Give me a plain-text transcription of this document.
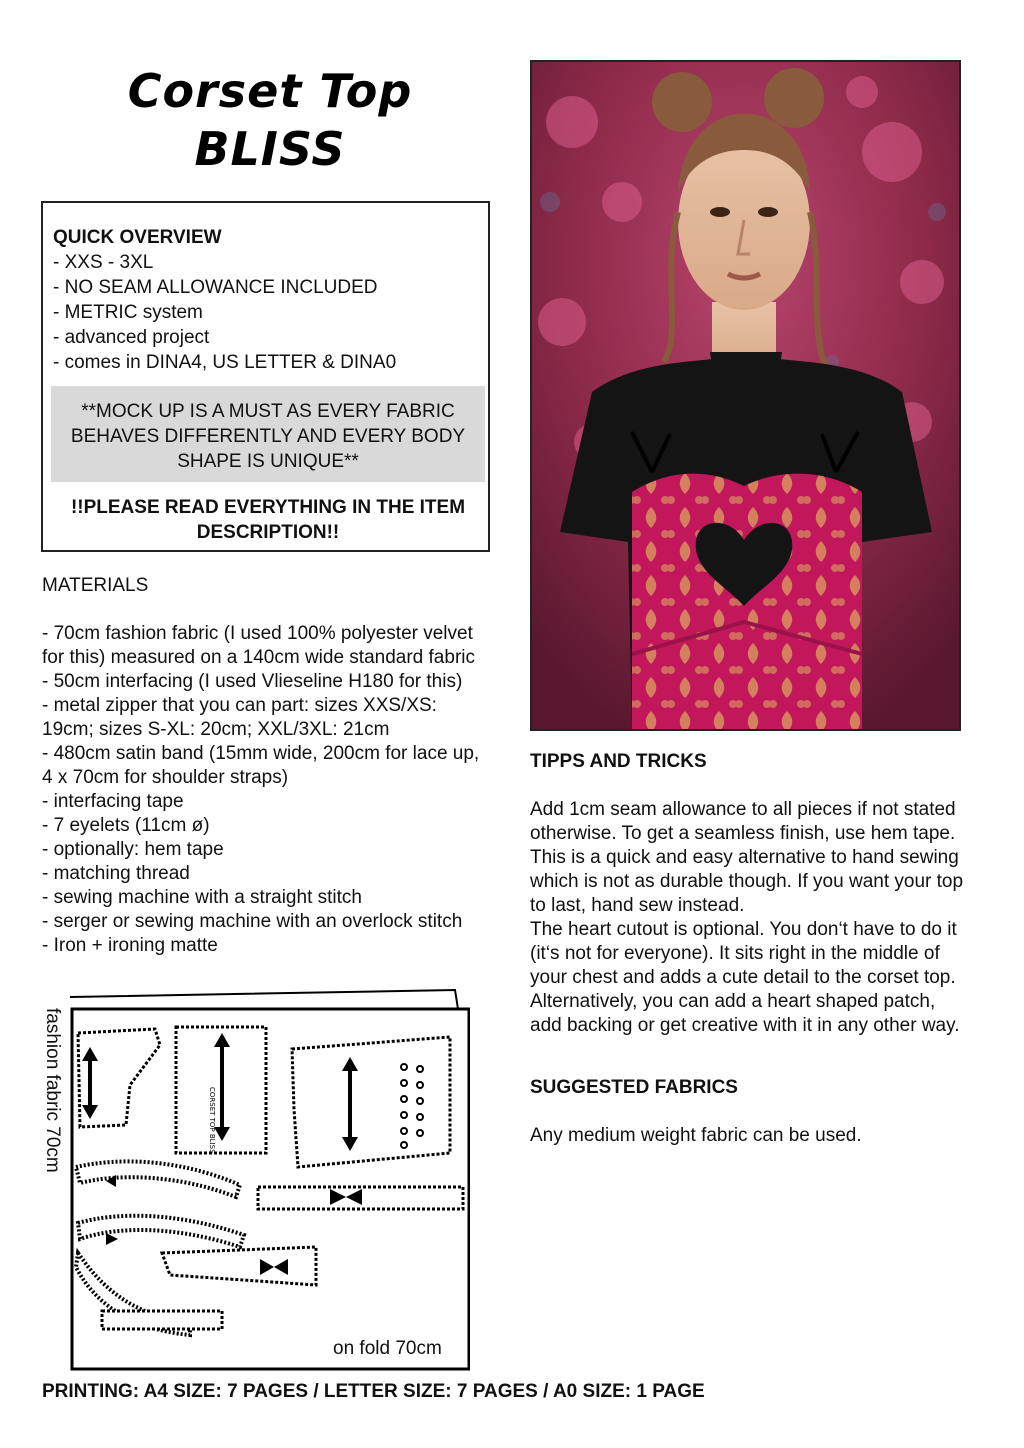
Corset Top
BLISS
QUICK OVERVIEW
- XXS - 3XL
- NO SEAM ALLOWANCE INCLUDED
- METRIC system
- advanced project
- comes in DINA4, US LETTER & DINA0
**MOCK UP IS A MUST AS EVERY FABRIC BEHAVES DIFFERENTLY AND EVERY BODY SHAPE IS UNIQUE**
!!PLEASE READ EVERYTHING IN THE ITEM DESCRIPTION!!
MATERIALS
- 70cm fashion fabric (I used 100% polyester velvet for this) measured on a 140cm wide standard fabric
- 50cm interfacing (I used Vlieseline H180 for this)
- metal zipper that you can part: sizes XXS/XS: 19cm; sizes S-XL: 20cm; XXL/3XL: 21cm
- 480cm satin band (15mm wide, 200cm for lace up, 4 x 70cm for shoulder straps)
- interfacing tape
- 7 eyelets (11cm ø)
- optionally: hem tape
- matching thread
- sewing machine with a straight stitch
- serger or sewing machine with an overlock stitch
- Iron + ironing matte
TIPPS AND TRICKS

Add 1cm seam allowance to all pieces if not stated otherwise. To get a seamless finish, use hem tape. This is a quick and easy alternative to hand sewing which is not as durable though. If you want your top to last, hand sew instead.

The heart cutout is optional. You don‘t have to do it (it‘s not for everyone). It sits right in the middle of your chest and adds a cute detail to the corset top. Alternatively, you can add a heart shaped patch, add backing or get creative with it in any other way.

SUGGESTED FABRICS

Any medium weight fabric can be used.

CORSET TOP BLISS
fashion fabric 70cm
on fold 70cm
PRINTING: A4 SIZE: 7 PAGES / LETTER SIZE: 7 PAGES / A0 SIZE: 1 PAGE
